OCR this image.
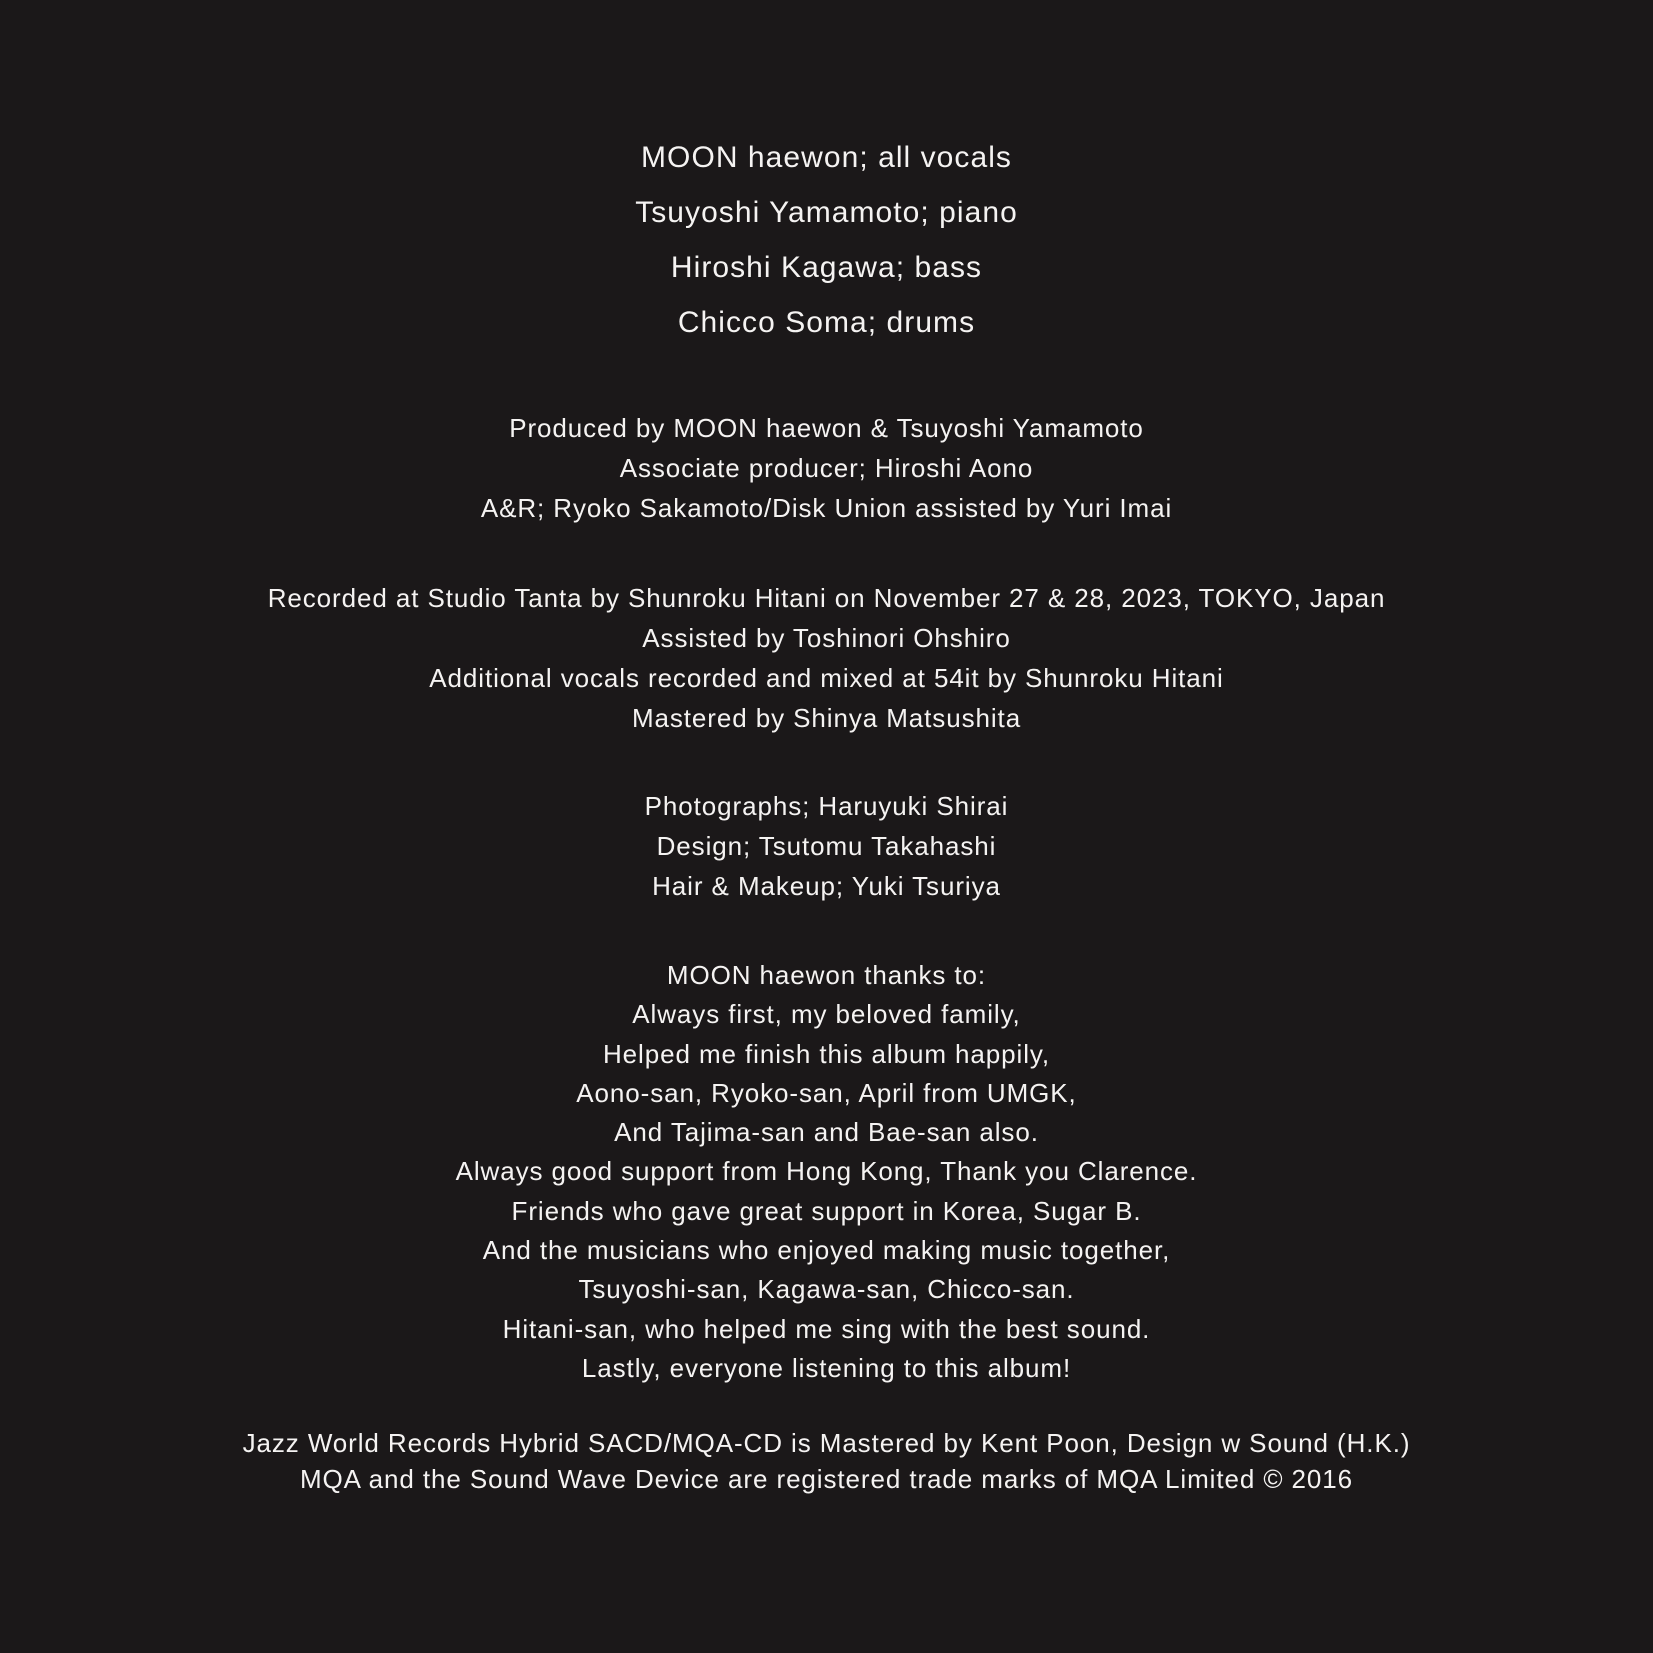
MOON haewon; all vocals
Tsuyoshi Yamamoto; piano
Hiroshi Kagawa; bass
Chicco Soma; drums
Produced by MOON haewon & Tsuyoshi Yamamoto
Associate producer; Hiroshi Aono
A&R; Ryoko Sakamoto/Disk Union assisted by Yuri Imai
Recorded at Studio Tanta by Shunroku Hitani on November 27 & 28, 2023, TOKYO, Japan
Assisted by Toshinori Ohshiro
Additional vocals recorded and mixed at 54it by Shunroku Hitani
Mastered by Shinya Matsushita
Photographs; Haruyuki Shirai
Design; Tsutomu Takahashi
Hair & Makeup; Yuki Tsuriya
MOON haewon thanks to:
Always first, my beloved family,
Helped me finish this album happily,
Aono-san, Ryoko-san, April from UMGK,
And Tajima-san and Bae-san also.
Always good support from Hong Kong, Thank you Clarence.
Friends who gave great support in Korea, Sugar B.
And the musicians who enjoyed making music together,
Tsuyoshi-san, Kagawa-san, Chicco-san.
Hitani-san, who helped me sing with the best sound.
Lastly, everyone listening to this album!
Jazz World Records Hybrid SACD/MQA-CD is Mastered by Kent Poon, Design w Sound (H.K.)
MQA and the Sound Wave Device are registered trade marks of MQA Limited © 2016
